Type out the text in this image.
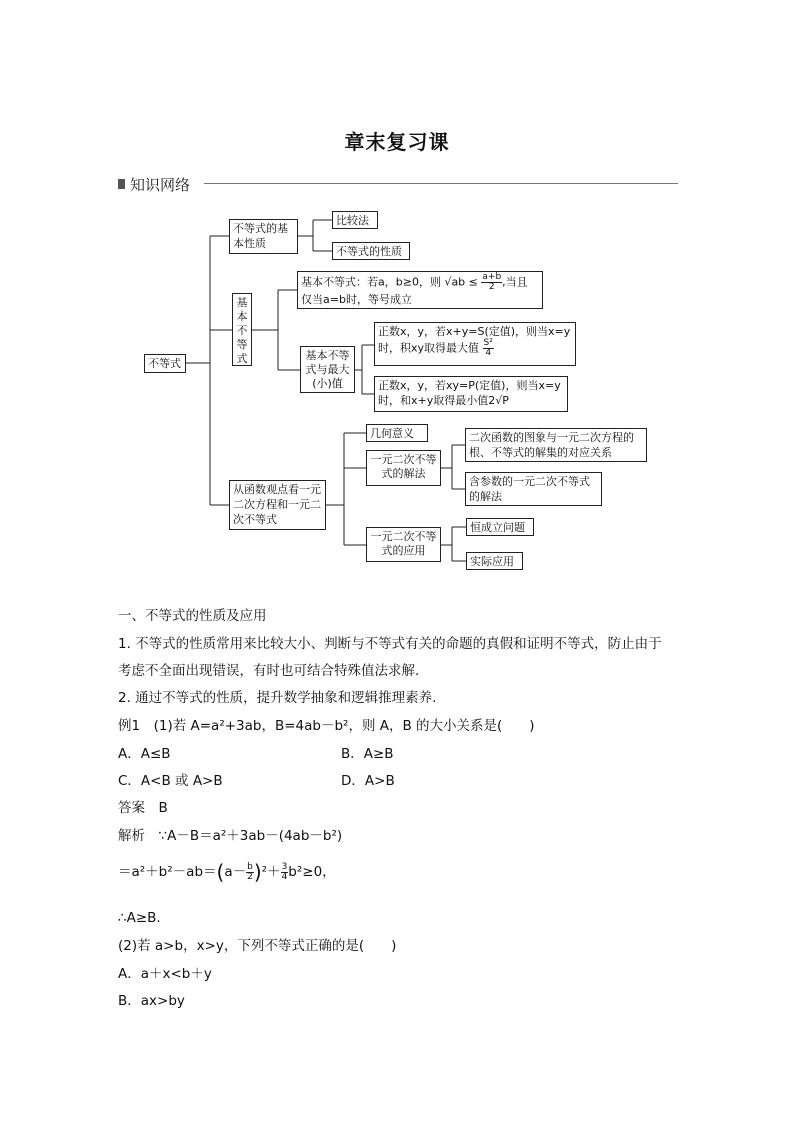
章末复习课
知识网络
不等式
不等式的基本性质
比较法
不等式的性质
基本不等式
基本不等式：若a，b≥0，则 $√ab \le \frac{a+b}{2}$ ,当且
仅当a=b时，等号成立
基本不等式与最大(小)值
正数x，y，若x+y=S(定值)，则当x=y
时，积xy取得最大值 $\frac{\text{S²}}{4}$
正数x，y，若xy=P(定值)，则当x=y
时，和x+y取得最小值2√P
从函数观点看一元二次方程和一元二次不等式
几何意义
一元二次不等式的解法
二次函数的图象与一元二次方程的根、不等式的解集的对应关系
含参数的一元二次不等式的解法
一元二次不等式的应用
恒成立问题
实际应用
一、不等式的性质及应用
1. 不等式的性质常用来比较大小、判断与不等式有关的命题的真假和证明不等式，防止由于
考虑不全面出现错误，有时也可结合特殊值法求解.
2. 通过不等式的性质，提升数学抽象和逻辑推理素养.
例1　(1)若 A=a²+3ab，B=4ab－b²，则 A，B 的大小关系是(　　)
A．A≤B	B．A≥B
C．A<B 或 A>B	D．A>B
答案　B
解析　∵A－B＝a²＋3ab－(4ab－b²)
$=a^2+b^2-ab=(a- \frac{b}{2} )^2+ \frac{3}{4} b^2\ge 0$，
∴A≥B.
(2)若 a>b，x>y，下列不等式正确的是(　　)
A．a＋x<b＋y
B．ax>by
